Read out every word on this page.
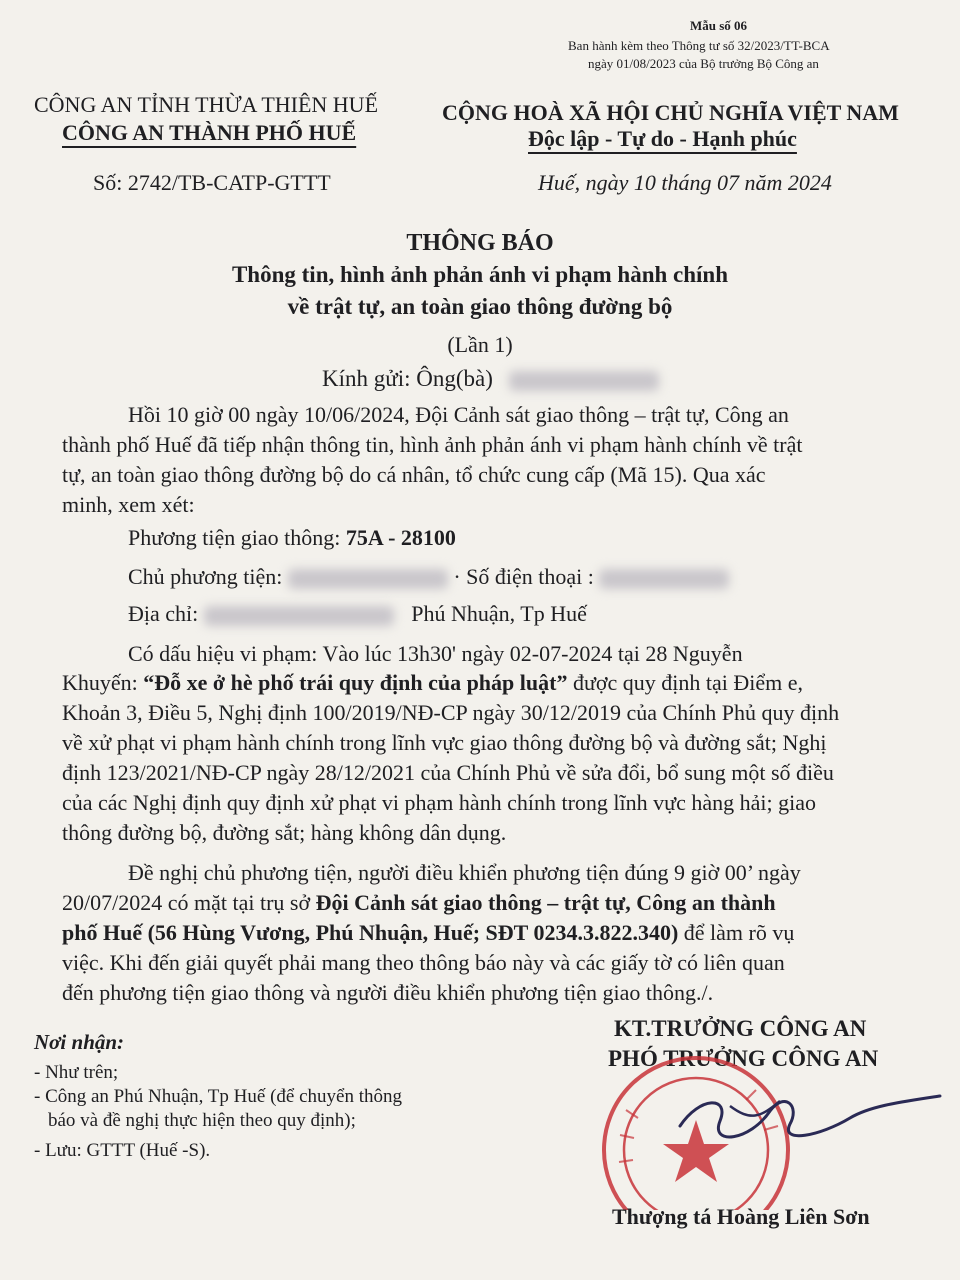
Mẫu số 06
Ban hành kèm theo Thông tư số 32/2023/TT-BCA
ngày 01/08/2023 của Bộ trưởng Bộ Công an
CÔNG AN TỈNH THỪA THIÊN HUẾ
CÔNG AN THÀNH PHỐ HUẾ
CỘNG HOÀ XÃ HỘI CHỦ NGHĨA VIỆT NAM
Độc lập - Tự do - Hạnh phúc
Số: 2742/TB-CATP-GTTT	Huế, ngày 10 tháng 07 năm 2024
THÔNG BÁO
Thông tin, hình ảnh phản ánh vi phạm hành chính
về trật tự, an toàn giao thông đường bộ
(Lần 1)
Kính gửi: Ông(bà)
Hồi 10 giờ 00 ngày 10/06/2024, Đội Cảnh sát giao thông – trật tự, Công an
thành phố Huế đã tiếp nhận thông tin, hình ảnh phản ánh vi phạm hành chính về trật
tự, an toàn giao thông đường bộ do cá nhân, tổ chức cung cấp (Mã 15). Qua xác
minh, xem xét:
Phương tiện giao thông: 75A - 28100
Chủ phương tiện:	· Số điện thoại :
Địa chỉ:	Phú Nhuận, Tp Huế
Có dấu hiệu vi phạm: Vào lúc 13h30' ngày 02-07-2024 tại 28 Nguyễn
Khuyến: “Đỗ xe ở hè phố trái quy định của pháp luật” được quy định tại Điểm e,
Khoản 3, Điều 5, Nghị định 100/2019/NĐ-CP ngày 30/12/2019 của Chính Phủ quy định
về xử phạt vi phạm hành chính trong lĩnh vực giao thông đường bộ và đường sắt; Nghị
định 123/2021/NĐ-CP ngày 28/12/2021 của Chính Phủ về sửa đổi, bổ sung một số điều
của các Nghị định quy định xử phạt vi phạm hành chính trong lĩnh vực hàng hải; giao
thông đường bộ, đường sắt; hàng không dân dụng.
Đề nghị chủ phương tiện, người điều khiển phương tiện đúng 9 giờ 00’ ngày
20/07/2024 có mặt tại trụ sở Đội Cảnh sát giao thông – trật tự, Công an thành
phố Huế (56 Hùng Vương, Phú Nhuận, Huế; SĐT 0234.3.822.340) để làm rõ vụ
việc. Khi đến giải quyết phải mang theo thông báo này và các giấy tờ có liên quan
đến phương tiện giao thông và người điều khiển phương tiện giao thông./.
Nơi nhận:
- Như trên;
- Công an Phú Nhuận, Tp Huế (để chuyển thông
báo và đề nghị thực hiện theo quy định);
- Lưu: GTTT (Huế -S).
KT.TRƯỞNG CÔNG AN
PHÓ TRƯỞNG CÔNG AN
Thượng tá Hoàng Liên Sơn
